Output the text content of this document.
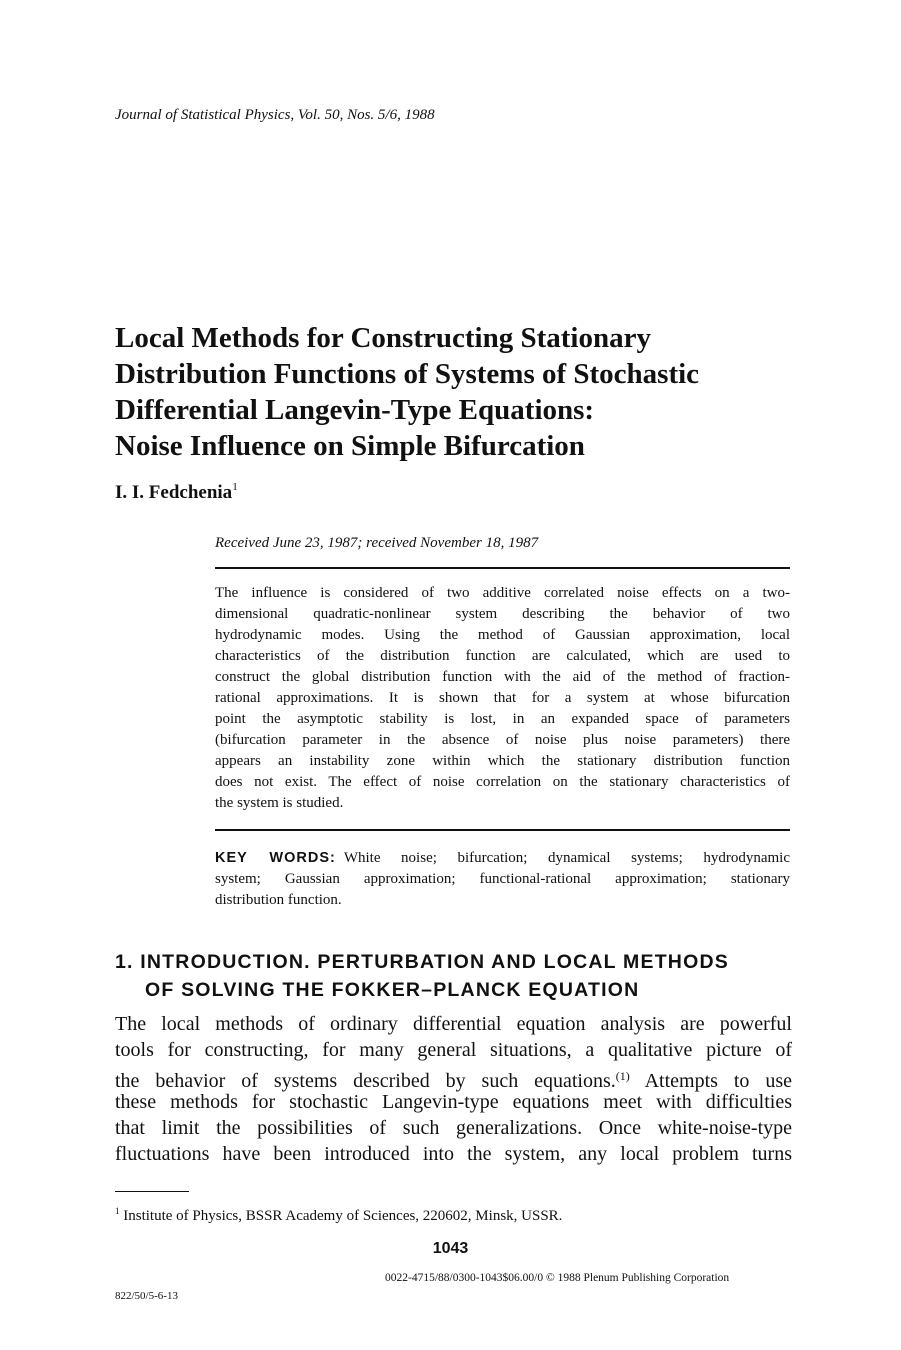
Journal of Statistical Physics, Vol. 50, Nos. 5/6, 1988
Local Methods for Constructing Stationary
Distribution Functions of Systems of Stochastic
Differential Langevin-Type Equations:
Noise Influence on Simple Bifurcation
I. I. Fedchenia$^1$
Received June 23, 1987; received November 18, 1987
The influence is considered of two additive correlated noise effects on a two-
dimensional quadratic-nonlinear system describing the behavior of two
hydrodynamic modes. Using the method of Gaussian approximation, local
characteristics of the distribution function are calculated, which are used to
construct the global distribution function with the aid of the method of fraction-
rational approximations. It is shown that for a system at whose bifurcation
point the asymptotic stability is lost, in an expanded space of parameters
(bifurcation parameter in the absence of noise plus noise parameters) there
appears an instability zone within which the stationary distribution function
does not exist. The effect of noise correlation on the stationary characteristics of
the system is studied.
KEY WORDS: White noise; bifurcation; dynamical systems; hydrodynamic
system; Gaussian approximation; functional-rational approximation; stationary
distribution function.
1. INTRODUCTION. PERTURBATION AND LOCAL METHODS
OF SOLVING THE FOKKER–PLANCK EQUATION
The local methods of ordinary differential equation analysis are powerful
tools for constructing, for many general situations, a qualitative picture of
the behavior of systems described by such equations.$^{(1)}$ Attempts to use
these methods for stochastic Langevin-type equations meet with difficulties
that limit the possibilities of such generalizations. Once white-noise-type
fluctuations have been introduced into the system, any local problem turns
$^1$ Institute of Physics, BSSR Academy of Sciences, 220602, Minsk, USSR.
1043
0022-4715/88/0300-1043$06.00/0 © 1988 Plenum Publishing Corporation
822/50/5-6-13
